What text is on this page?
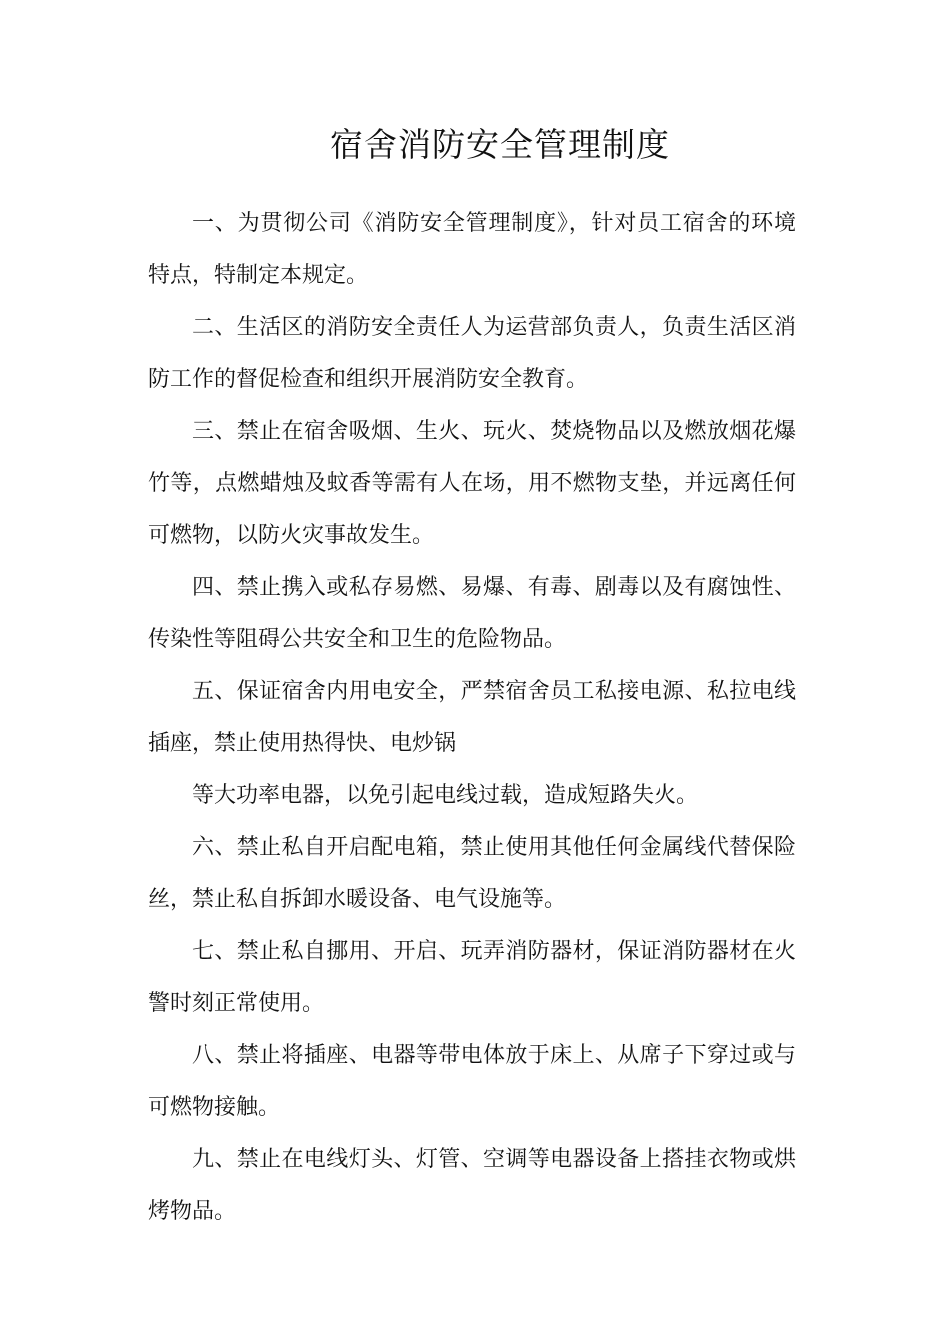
宿舍消防安全管理制度

一、为贯彻公司《消防安全管理制度》，针对员工宿舍的环境特点，特制定本规定。

二、生活区的消防安全责任人为运营部负责人，负责生活区消防工作的督促检查和组织开展消防安全教育。

三、禁止在宿舍吸烟、生火、玩火、焚烧物品以及燃放烟花爆竹等，点燃蜡烛及蚊香等需有人在场，用不燃物支垫，并远离任何可燃物，以防火灾事故发生。

四、禁止携入或私存易燃、易爆、有毒、剧毒以及有腐蚀性、传染性等阻碍公共安全和卫生的危险物品。

五、保证宿舍内用电安全，严禁宿舍员工私接电源、私拉电线插座，禁止使用热得快、电炒锅

等大功率电器，以免引起电线过载，造成短路失火。

六、禁止私自开启配电箱，禁止使用其他任何金属线代替保险丝，禁止私自拆卸水暖设备、电气设施等。

七、禁止私自挪用、开启、玩弄消防器材，保证消防器材在火警时刻正常使用。

八、禁止将插座、电器等带电体放于床上、从席子下穿过或与可燃物接触。

九、禁止在电线灯头、灯管、空调等电器设备上搭挂衣物或烘烤物品。
